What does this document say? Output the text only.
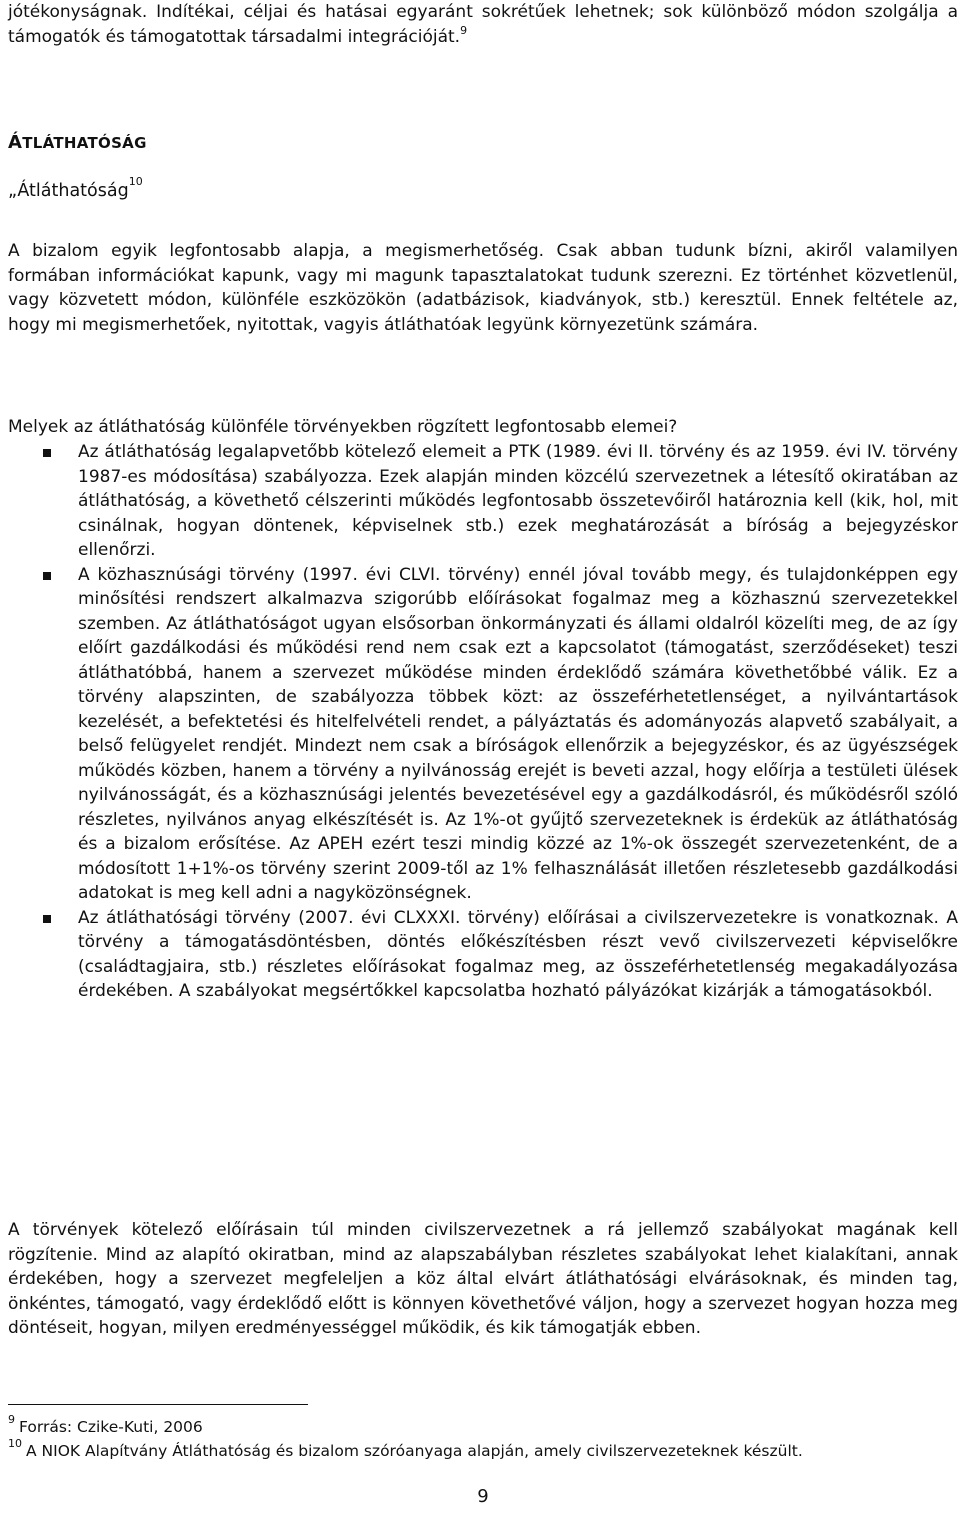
jótékonyságnak. Indítékai, céljai és hatásai egyaránt sokrétűek lehetnek; sok különböző módon szolgálja a támogatók és támogatottak társadalmi integrációját.$^9$

ÁTLÁTHATÓSÁG
„Átláthatóság$^{10}$

A bizalom egyik legfontosabb alapja, a megismerhetőség. Csak abban tudunk bízni, akiről valamilyen formában információkat kapunk, vagy mi magunk tapasztalatokat tudunk szerezni. Ez történhet közvetlenül, vagy közvetett módon, különféle eszközökön (adatbázisok, kiadványok, stb.) keresztül. Ennek feltétele az, hogy mi megismerhetőek, nyitottak, vagyis átláthatóak legyünk környezetünk számára.

Melyek az átláthatóság különféle törvényekben rögzített legfontosabb elemei?

Az átláthatóság legalapvetőbb kötelező elemeit a PTK (1989. évi II. törvény és az 1959. évi IV. törvény 1987-es módosítása) szabályozza. Ezek alapján minden közcélú szervezetnek a létesítő okiratában az átláthatóság, a követhető célszerinti működés legfontosabb összetevőiről határoznia kell (kik, hol, mit csinálnak, hogyan döntenek, képviselnek stb.) ezek meghatározását a bíróság a bejegyzéskor ellenőrzi.
A közhasznúsági törvény (1997. évi CLVI. törvény) ennél jóval tovább megy, és tulajdonképpen egy minősítési rendszert alkalmazva szigorúbb előírásokat fogalmaz meg a közhasznú szervezetekkel szemben. Az átláthatóságot ugyan elsősorban önkormányzati és állami oldalról közelíti meg, de az így előírt gazdálkodási és működési rend nem csak ezt a kapcsolatot (támogatást, szerződéseket) teszi átláthatóbbá, hanem a szervezet működése minden érdeklődő számára követhetőbbé válik. Ez a törvény alapszinten, de szabályozza többek közt: az összeférhetetlenséget, a nyilvántartások kezelését, a befektetési és hitelfelvételi rendet, a pályáztatás és adományozás alapvető szabályait, a belső felügyelet rendjét. Mindezt nem csak a bíróságok ellenőrzik a bejegyzéskor, és az ügyészségek működés közben, hanem a törvény a nyilvánosság erejét is beveti azzal, hogy előírja a testületi ülések nyilvánosságát, és a közhasznúsági jelentés bevezetésével egy a gazdálkodásról, és működésről szóló részletes, nyilvános anyag elkészítését is. Az 1%-ot gyűjtő szervezeteknek is érdekük az átláthatóság és a bizalom erősítése. Az APEH ezért teszi mindig közzé az 1%-ok összegét szervezetenként, de a módosított 1+1%-os törvény szerint 2009-től az 1% felhasználását illetően részletesebb gazdálkodási adatokat is meg kell adni a nagyközönségnek.
Az átláthatósági törvény (2007. évi CLXXXI. törvény) előírásai a civilszervezetekre is vonatkoznak. A törvény a támogatásdöntésben, döntés előkészítésben részt vevő civilszervezeti képviselőkre (családtagjaira, stb.) részletes előírásokat fogalmaz meg, az összeférhetetlenség megakadályozása érdekében. A szabályokat megsértőkkel kapcsolatba hozható pályázókat kizárják a támogatásokból.

A törvények kötelező előírásain túl minden civilszervezetnek a rá jellemző szabályokat magának kell rögzítenie. Mind az alapító okiratban, mind az alapszabályban részletes szabályokat lehet kialakítani, annak érdekében, hogy a szervezet megfeleljen a köz által elvárt átláthatósági elvárásoknak, és minden tag, önkéntes, támogató, vagy érdeklődő előtt is könnyen követhetővé váljon, hogy a szervezet hogyan hozza meg döntéseit, hogyan, milyen eredményességgel működik, és kik támogatják ebben.

$^9$ Forrás: Czike-Kuti, 2006
$^{10}$ A NIOK Alapítvány Átláthatóság és bizalom szóróanyaga alapján, amely civilszervezeteknek készült.
9
